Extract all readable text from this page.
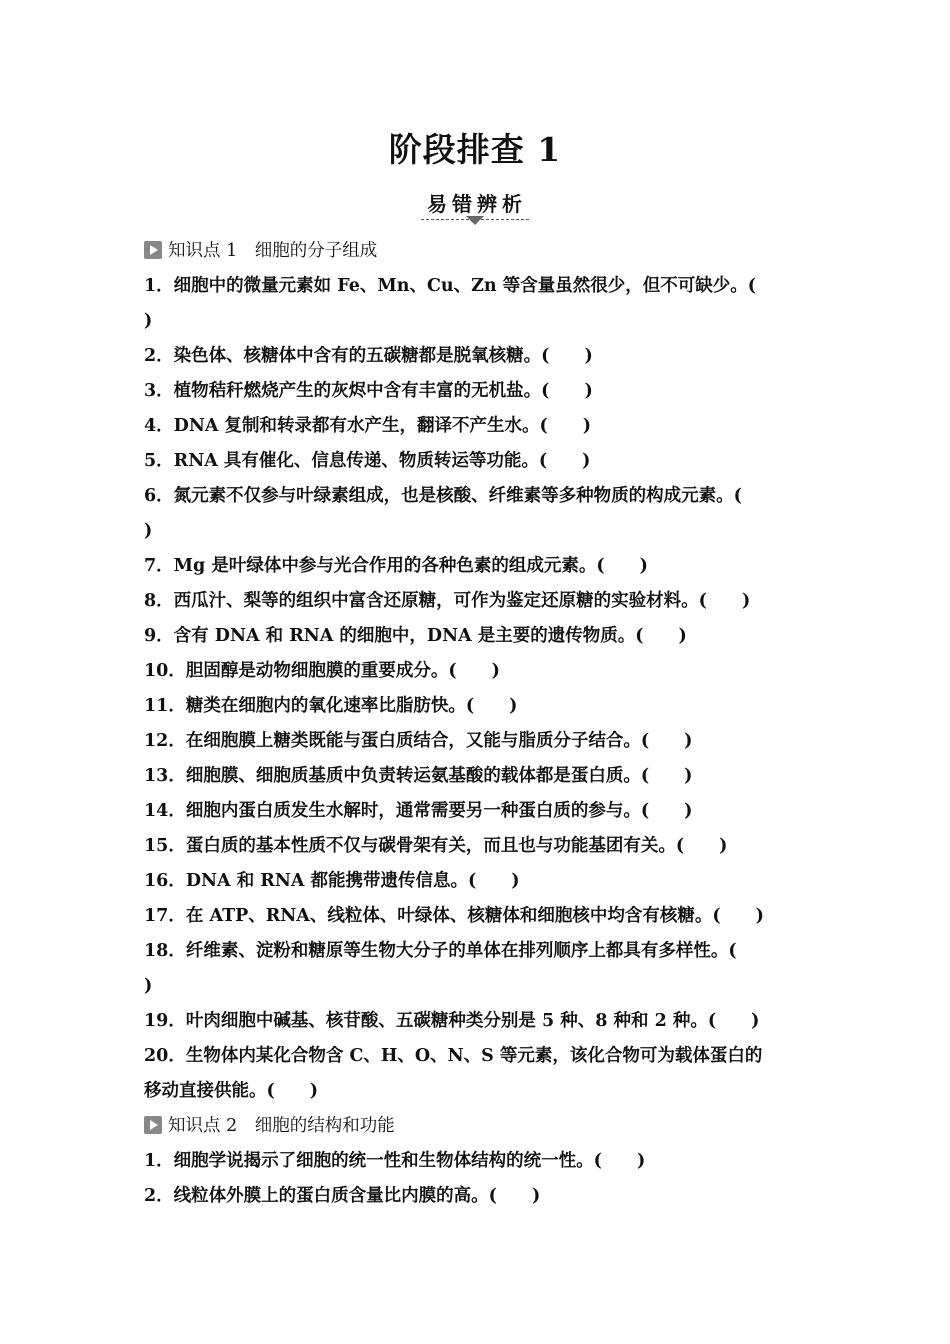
阶段排查 1
易错辨析
知识点 1　细胞的分子组成
1．细胞中的微量元素如 Fe、Mn、Cu、Zn 等含量虽然很少，但不可缺少。(
)
2．染色体、核糖体中含有的五碳糖都是脱氧核糖。(　　)
3．植物秸秆燃烧产生的灰烬中含有丰富的无机盐。(　　)
4．DNA 复制和转录都有水产生，翻译不产生水。(　　)
5．RNA 具有催化、信息传递、物质转运等功能。(　　)
6．氮元素不仅参与叶绿素组成，也是核酸、纤维素等多种物质的构成元素。(
)
7．Mg 是叶绿体中参与光合作用的各种色素的组成元素。(　　)
8．西瓜汁、梨等的组织中富含还原糖，可作为鉴定还原糖的实验材料。(　　)
9．含有 DNA 和 RNA 的细胞中，DNA 是主要的遗传物质。(　　)
10．胆固醇是动物细胞膜的重要成分。(　　)
11．糖类在细胞内的氧化速率比脂肪快。(　　)
12．在细胞膜上糖类既能与蛋白质结合，又能与脂质分子结合。(　　)
13．细胞膜、细胞质基质中负责转运氨基酸的载体都是蛋白质。(　　)
14．细胞内蛋白质发生水解时，通常需要另一种蛋白质的参与。(　　)
15．蛋白质的基本性质不仅与碳骨架有关，而且也与功能基团有关。(　　)
16．DNA 和 RNA 都能携带遗传信息。(　　)
17．在 ATP、RNA、线粒体、叶绿体、核糖体和细胞核中均含有核糖。(　　)
18．纤维素、淀粉和糖原等生物大分子的单体在排列顺序上都具有多样性。(
)
19．叶肉细胞中碱基、核苷酸、五碳糖种类分别是 5 种、8 种和 2 种。(　　)
20．生物体内某化合物含 C、H、O、N、S 等元素，该化合物可为载体蛋白的
移动直接供能。(　　)
知识点 2　细胞的结构和功能
1．细胞学说揭示了细胞的统一性和生物体结构的统一性。(　　)
2．线粒体外膜上的蛋白质含量比内膜的高。(　　)
